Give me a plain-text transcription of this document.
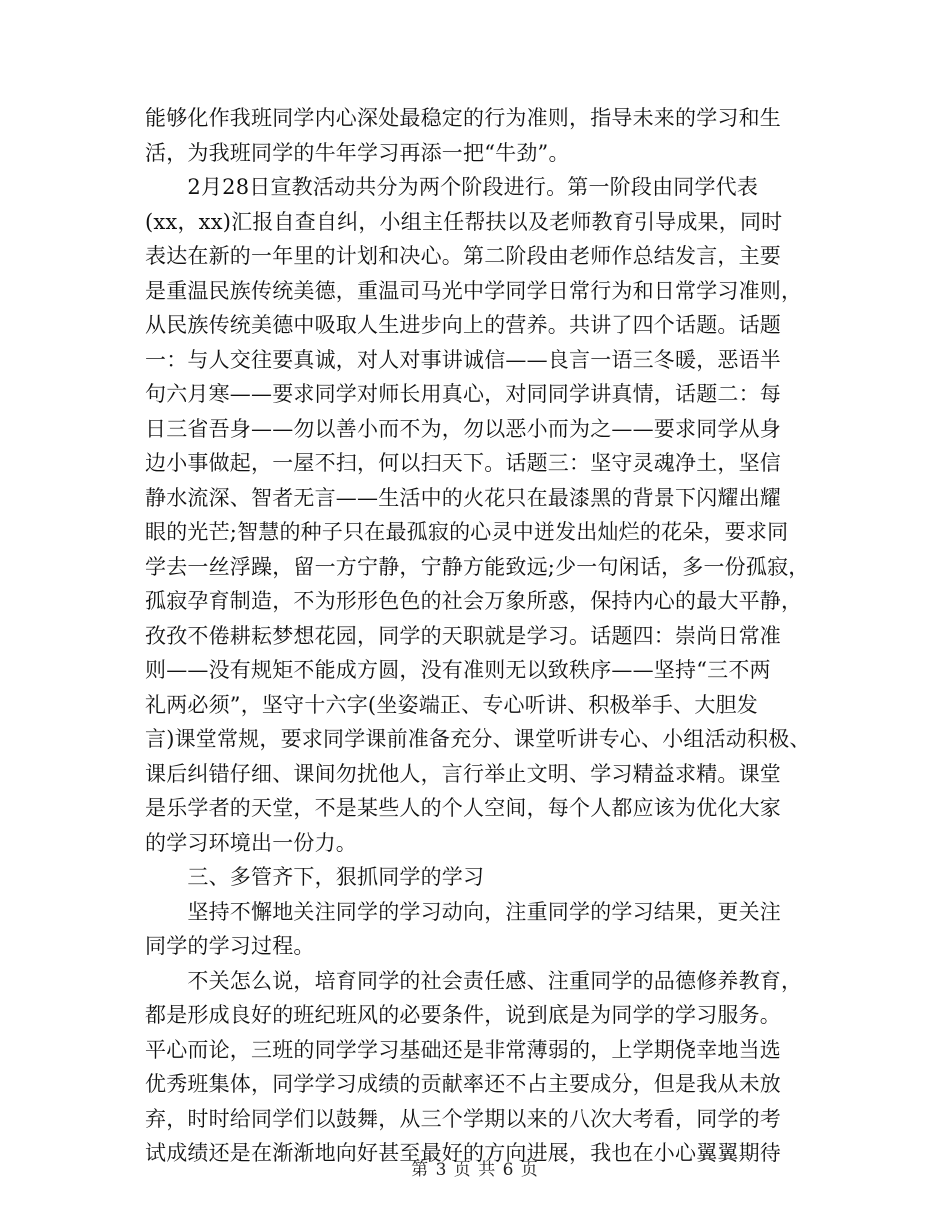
能够化作我班同学内心深处最稳定的行为准则，指导未来的学习和生
活，为我班同学的牛年学习再添一把“牛劲”。
　　2月28日宣教活动共分为两个阶段进行。第一阶段由同学代表
(xx，xx)汇报自查自纠，小组主任帮扶以及老师教育引导成果，同时
表达在新的一年里的计划和决心。第二阶段由老师作总结发言，主要
是重温民族传统美德，重温司马光中学同学日常行为和日常学习准则，
从民族传统美德中吸取人生进步向上的营养。共讲了四个话题。话题
一：与人交往要真诚，对人对事讲诚信——良言一语三冬暖，恶语半
句六月寒——要求同学对师长用真心，对同同学讲真情，话题二：每
日三省吾身——勿以善小而不为，勿以恶小而为之——要求同学从身
边小事做起，一屋不扫，何以扫天下。话题三：坚守灵魂净土，坚信
静水流深、智者无言——生活中的火花只在最漆黑的背景下闪耀出耀
眼的光芒;智慧的种子只在最孤寂的心灵中迸发出灿烂的花朵，要求同
学去一丝浮躁，留一方宁静，宁静方能致远;少一句闲话，多一份孤寂，
孤寂孕育制造，不为形形色色的社会万象所惑，保持内心的最大平静，
孜孜不倦耕耘梦想花园，同学的天职就是学习。话题四：崇尚日常准
则——没有规矩不能成方圆，没有准则无以致秩序——坚持“三不两
礼两必须”，坚守十六字(坐姿端正、专心听讲、积极举手、大胆发
言)课堂常规，要求同学课前准备充分、课堂听讲专心、小组活动积极、
课后纠错仔细、课间勿扰他人，言行举止文明、学习精益求精。课堂
是乐学者的天堂，不是某些人的个人空间，每个人都应该为优化大家
的学习环境出一份力。
　　三、多管齐下，狠抓同学的学习
　　坚持不懈地关注同学的学习动向，注重同学的学习结果，更关注
同学的学习过程。
　　不关怎么说，培育同学的社会责任感、注重同学的品德修养教育，
都是形成良好的班纪班风的必要条件，说到底是为同学的学习服务。
平心而论，三班的同学学习基础还是非常薄弱的，上学期侥幸地当选
优秀班集体，同学学习成绩的贡献率还不占主要成分，但是我从未放
弃，时时给同学们以鼓舞，从三个学期以来的八次大考看，同学的考
试成绩还是在渐渐地向好甚至最好的方向进展，我也在小心翼翼期待
第 3 页 共 6 页
